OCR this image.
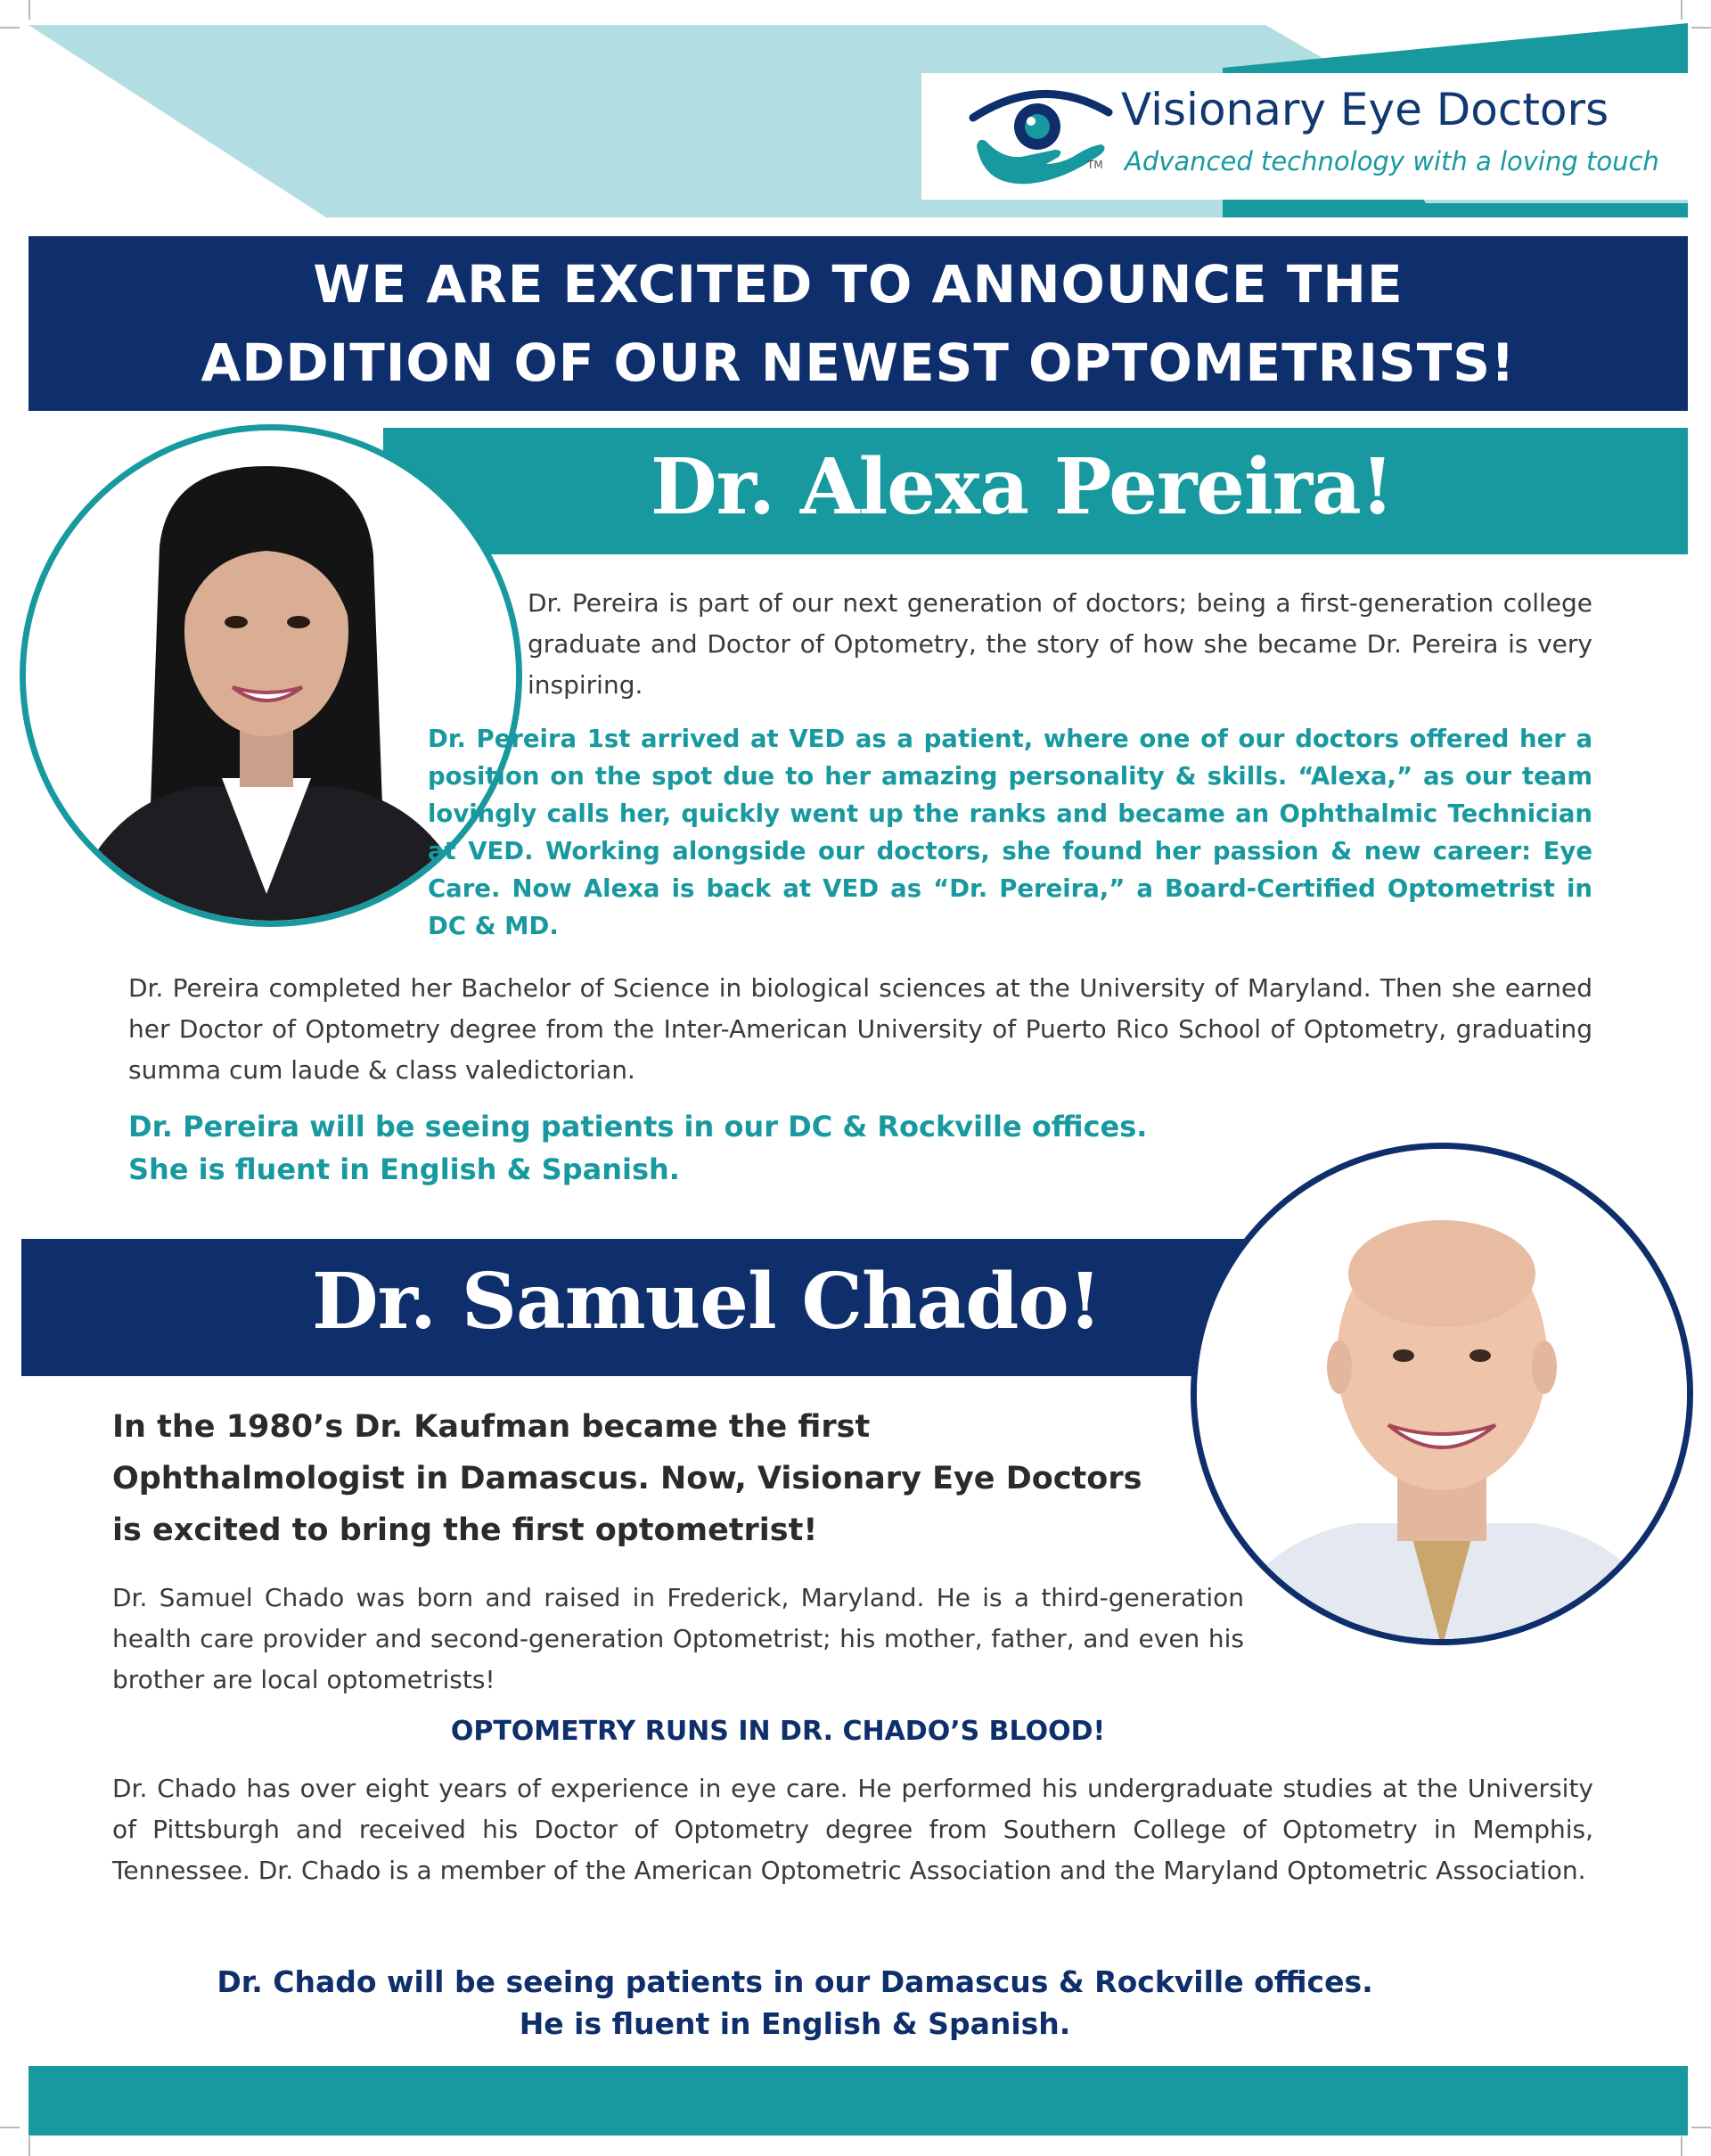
TM
Visionary Eye Doctors
Advanced technology with a loving touch
WE ARE EXCITED TO ANNOUNCE THE
ADDITION OF OUR NEWEST OPTOMETRISTS!
Dr. Alexa Pereira!
Dr. Pereira is part of our next generation of doctors; being a first-generation college graduate and Doctor of Optometry, the story of how she became Dr. Pereira is very inspiring.
Dr. Pereira 1st arrived at VED as a patient, where one of our doctors offered her a position on the spot due to her amazing personality & skills. “Alexa,” as our team lovingly calls her, quickly went up the ranks and became an Ophthalmic Technician at VED. Working alongside our doctors, she found her passion & new career: Eye Care. Now Alexa is back at VED as “Dr. Pereira,” a Board-Certified Optometrist in DC & MD.
Dr. Pereira completed her Bachelor of Science in biological sciences at the University of Maryland. Then she earned her Doctor of Optometry degree from the Inter-American University of Puerto Rico School of Optometry, graduating summa cum laude & class valedictorian.
Dr. Pereira will be seeing patients in our DC & Rockville offices.
She is fluent in English & Spanish.
Dr. Samuel Chado!
In the 1980’s Dr. Kaufman became the first Ophthalmologist in Damascus. Now, Visionary Eye Doctors is excited to bring the first optometrist!
Dr. Samuel Chado was born and raised in Frederick, Maryland. He is a third-generation health care provider and second-generation Optometrist; his mother, father, and even his brother are local optometrists!
OPTOMETRY RUNS IN DR. CHADO’S BLOOD!
Dr. Chado has over eight years of experience in eye care. He performed his undergraduate studies at the University of Pittsburgh and received his Doctor of Optometry degree from Southern College of Optometry in Memphis, Tennessee. Dr. Chado is a member of the American Optometric Association and the Maryland Optometric Association.
Dr. Chado will be seeing patients in our Damascus & Rockville offices.
He is fluent in English & Spanish.
